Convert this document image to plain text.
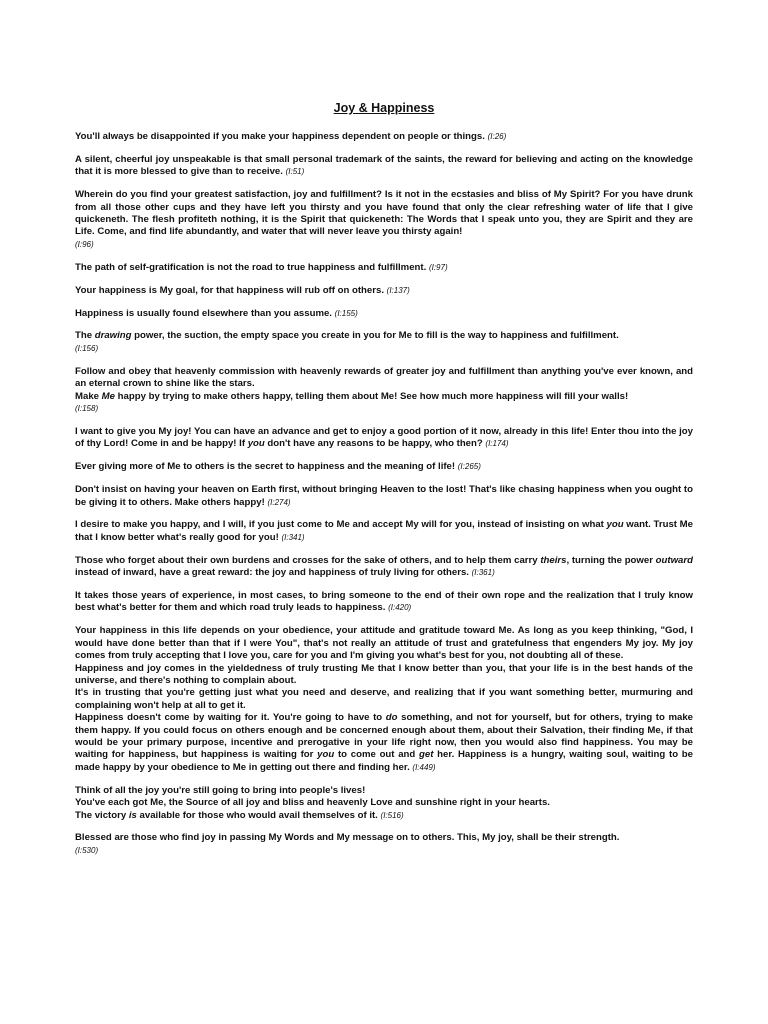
Joy & Happiness

You'll always be disappointed if you make your happiness dependent on people or things. (I:26)

A silent, cheerful joy unspeakable is that small personal trademark of the saints, the reward for believing and acting on the knowledge that it is more blessed to give than to receive. (I:51)

Wherein do you find your greatest satisfaction, joy and fulfillment? Is it not in the ecstasies and bliss of My Spirit? For you have drunk from all those other cups and they have left you thirsty and you have found that only the clear refreshing water of life that I give quickeneth. The flesh profiteth nothing, it is the Spirit that quickeneth: The Words that I speak unto you, they are Spirit and they are Life. Come, and find life abundantly, and water that will never leave you thirsty again!
(I:96)

The path of self-gratification is not the road to true happiness and fulfillment. (I:97)

Your happiness is My goal, for that happiness will rub off on others. (I:137)

Happiness is usually found elsewhere than you assume. (I:155)

The drawing power, the suction, the empty space you create in you for Me to fill is the way to happiness and fulfillment.
(I:156)

Follow and obey that heavenly commission with heavenly rewards of greater joy and fulfillment than anything you've ever known, and an eternal crown to shine like the stars.

Make Me happy by trying to make others happy, telling them about Me! See how much more happiness will fill your walls!
(I:158)

I want to give you My joy! You can have an advance and get to enjoy a good portion of it now, already in this life! Enter thou into the joy of thy Lord! Come in and be happy! If you don't have any reasons to be happy, who then? (I:174)

Ever giving more of Me to others is the secret to happiness and the meaning of life! (I:265)

Don't insist on having your heaven on Earth first, without bringing Heaven to the lost! That's like chasing happiness when you ought to be giving it to others. Make others happy! (I:274)

I desire to make you happy, and I will, if you just come to Me and accept My will for you, instead of insisting on what you want. Trust Me that I know better what's really good for you! (I:341)

Those who forget about their own burdens and crosses for the sake of others, and to help them carry theirs, turning the power outward instead of inward, have a great reward: the joy and happiness of truly living for others. (I:361)

It takes those years of experience, in most cases, to bring someone to the end of their own rope and the realization that I truly know best what's better for them and which road truly leads to happiness. (I:420)

Your happiness in this life depends on your obedience, your attitude and gratitude toward Me. As long as you keep thinking, "God, I would have done better than that if I were You", that's not really an attitude of trust and gratefulness that engenders My joy. My joy comes from truly accepting that I love you, care for you and I'm giving you what's best for you, not doubting all of these.

Happiness and joy comes in the yieldedness of truly trusting Me that I know better than you, that your life is in the best hands of the universe, and there's nothing to complain about.

It's in trusting that you're getting just what you need and deserve, and realizing that if you want something better, murmuring and complaining won't help at all to get it.

Happiness doesn't come by waiting for it. You're going to have to do something, and not for yourself, but for others, trying to make them happy. If you could focus on others enough and be concerned enough about them, about their Salvation, their finding Me, if that would be your primary purpose, incentive and prerogative in your life right now, then you would also find happiness. You may be waiting for happiness, but happiness is waiting for you to come out and get her. Happiness is a hungry, waiting soul, waiting to be made happy by your obedience to Me in getting out there and finding her. (I:449)

Think of all the joy you're still going to bring into people's lives!

You've each got Me, the Source of all joy and bliss and heavenly Love and sunshine right in your hearts.

The victory is available for those who would avail themselves of it. (I:516)

Blessed are those who find joy in passing My Words and My message on to others. This, My joy, shall be their strength.
(I:530)
